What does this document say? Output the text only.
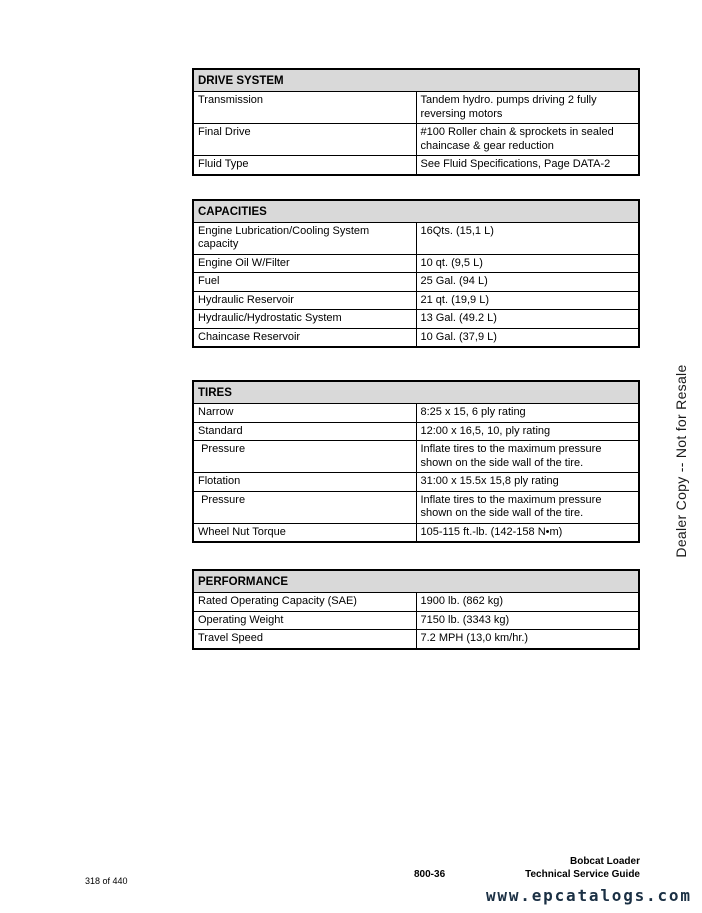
DRIVE SYSTEM	
Transmission	Tandem hydro. pumps driving 2 fully reversing motors
Final Drive	#100 Roller chain & sprockets in sealed chaincase & gear reduction
Fluid Type	See Fluid Specifications, Page DATA-2
CAPACITIES	
Engine Lubrication/Cooling System capacity	16Qts. (15,1 L)
Engine Oil W/Filter	10 qt. (9,5 L)
Fuel	25 Gal. (94 L)
Hydraulic Reservoir	21 qt. (19,9 L)
Hydraulic/Hydrostatic System	13 Gal. (49.2 L)
Chaincase Reservoir	10 Gal. (37,9 L)
TIRES	
Narrow	8:25 x 15, 6 ply rating
Standard	12:00 x 16,5, 10, ply rating
Pressure	Inflate tires to the maximum pressure shown on the side wall of the tire.
Flotation	31:00 x 15.5x 15,8 ply rating
Pressure	Inflate tires to the maximum pressure shown on the side wall of the tire.
Wheel Nut Torque	105-115 ft.-lb. (142-158 N•m)
PERFORMANCE	
Rated Operating Capacity (SAE)	1900 lb. (862 kg)
Operating Weight	7150 lb. (3343 kg)
Travel Speed	7.2 MPH (13,0 km/hr.)
Dealer Copy -- Not for Resale
318 of 440
800-36
Bobcat Loader
Technical Service Guide
www.epcatalogs.com
